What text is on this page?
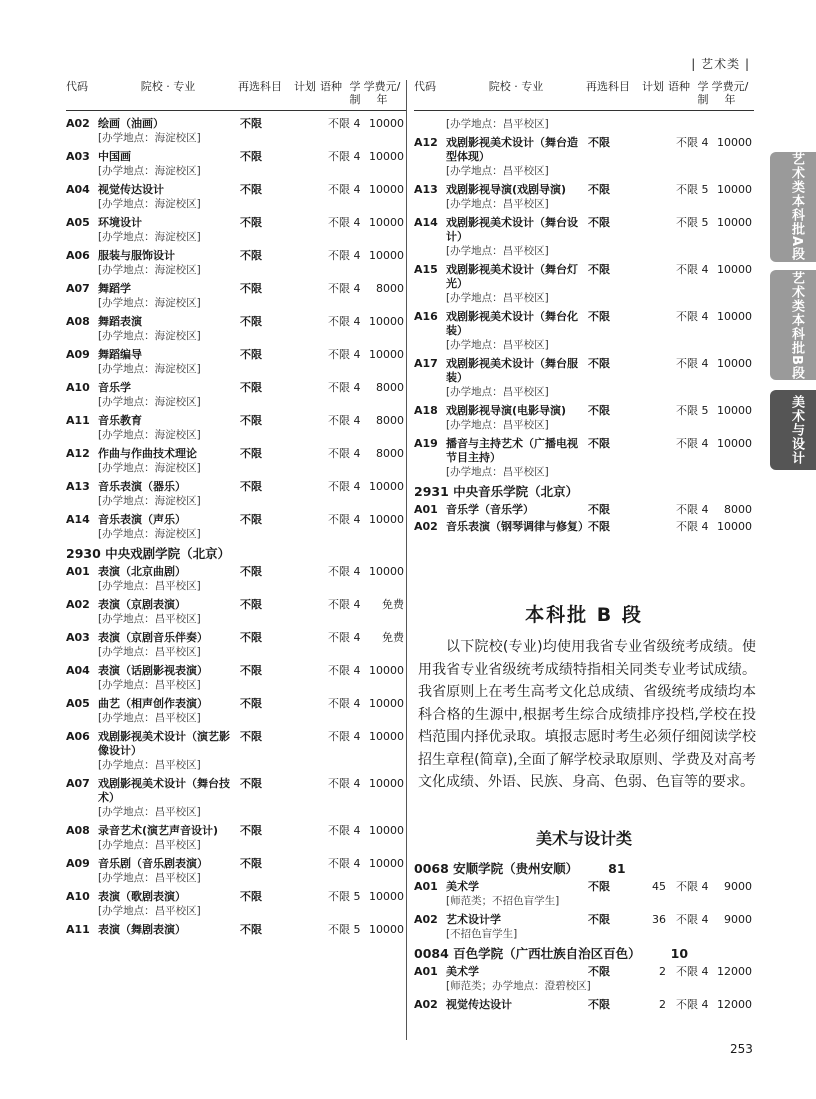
| 艺术类 |
代码	院校 · 专业	再选科目	计划 语种 学制
学费元/年
A02 绘画（油画）	不限	不限 4 10000
[办学地点：海淀校区]
A03 中国画	不限	不限 4 10000
[办学地点：海淀校区]
A04 视觉传达设计	不限	不限 4 10000
[办学地点：海淀校区]
A05 环境设计	不限	不限 4 10000
[办学地点：海淀校区]
A06 服装与服饰设计	不限	不限 4 10000
[办学地点：海淀校区]
A07 舞蹈学	不限	不限 4	8000
[办学地点：海淀校区]
A08 舞蹈表演	不限	不限 4 10000
[办学地点：海淀校区]
A09 舞蹈编导	不限	不限 4 10000
[办学地点：海淀校区]
A10 音乐学	不限	不限 4	8000
[办学地点：海淀校区]
A11 音乐教育	不限	不限 4	8000
[办学地点：海淀校区]
A12 作曲与作曲技术理论	不限	不限 4	8000
[办学地点：海淀校区]
A13 音乐表演（器乐）	不限	不限 4 10000
[办学地点：海淀校区]
A14 音乐表演（声乐）	不限	不限 4 10000
[办学地点：海淀校区]
2930 中央戏剧学院（北京）
A01 表演（北京曲剧）	不限	不限 4 10000
[办学地点：昌平校区]
A02 表演（京剧表演）	不限	不限 4	免费
[办学地点：昌平校区]
A03 表演（京剧音乐伴奏）	不限	不限 4	免费
[办学地点：昌平校区]
A04 表演（话剧影视表演）	不限	不限 4 10000
[办学地点：昌平校区]
A05 曲艺（相声创作表演）	不限	不限 4 10000
[办学地点：昌平校区]
A06 戏剧影视美术设计（演艺影像设计）
不限	不限 4 10000
[办学地点：昌平校区]
A07 戏剧影视美术设计（舞台技术）
不限	不限 4 10000
[办学地点：昌平校区]
A08 录音艺术(演艺声音设计)	不限	不限 4 10000
[办学地点：昌平校区]
A09 音乐剧（音乐剧表演）	不限	不限 4 10000
[办学地点：昌平校区]
A10 表演（歌剧表演）	不限	不限 5 10000
[办学地点：昌平校区]
A11 表演（舞剧表演）	不限	不限 5 10000
代码	院校 · 专业	再选科目	计划 语种 学制
学费元/年
[办学地点：昌平校区]
A12 戏剧影视美术设计（舞台造型体现）
不限	不限 4 10000
[办学地点：昌平校区]
A13 戏剧影视导演(戏剧导演)	不限	不限 5 10000
[办学地点：昌平校区]
A14 戏剧影视美术设计（舞台设计）
不限	不限 5 10000
[办学地点：昌平校区]
A15 戏剧影视美术设计（舞台灯光）
不限	不限 4 10000
[办学地点：昌平校区]
A16 戏剧影视美术设计（舞台化装）
不限	不限 4 10000
[办学地点：昌平校区]
A17 戏剧影视美术设计（舞台服装）
不限	不限 4 10000
[办学地点：昌平校区]
A18 戏剧影视导演(电影导演)	不限	不限 5 10000
[办学地点：昌平校区]
A19 播音与主持艺术（广播电视节目主持）
不限	不限 4 10000
[办学地点：昌平校区]
2931 中央音乐学院（北京）
A01 音乐学（音乐学）	不限	不限 4	8000
A02 音乐表演（钢琴调律与修复） 不限	不限 4 10000
本科批 B 段
以下院校(专业)均使用我省专业省级统考成绩。使用我省专业省级统考成绩特指相关同类专业考试成绩。我省原则上在考生高考文化总成绩、省级统考成绩均本科合格的生源中,根据考生综合成绩排序投档,学校在投档范围内择优录取。填报志愿时考生必须仔细阅读学校招生章程(简章),全面了解学校录取原则、学费及对高考文化成绩、外语、民族、身高、色弱、色盲等的要求。
美术与设计类
0068 安顺学院（贵州安顺） 81
A01 美术学	不限	45 不限 4	9000
[师范类；不招色盲学生]
A02 艺术设计学	不限	36 不限 4	9000
[不招色盲学生]
0084 百色学院（广西壮族自治区百色） 10
A01 美术学	不限	2 不限 4 12000
[师范类；办学地点：澄碧校区]
A02 视觉传达设计	不限	2 不限 4 12000
艺术类本科批A段
艺术类本科批B段
美术与设计类
253
